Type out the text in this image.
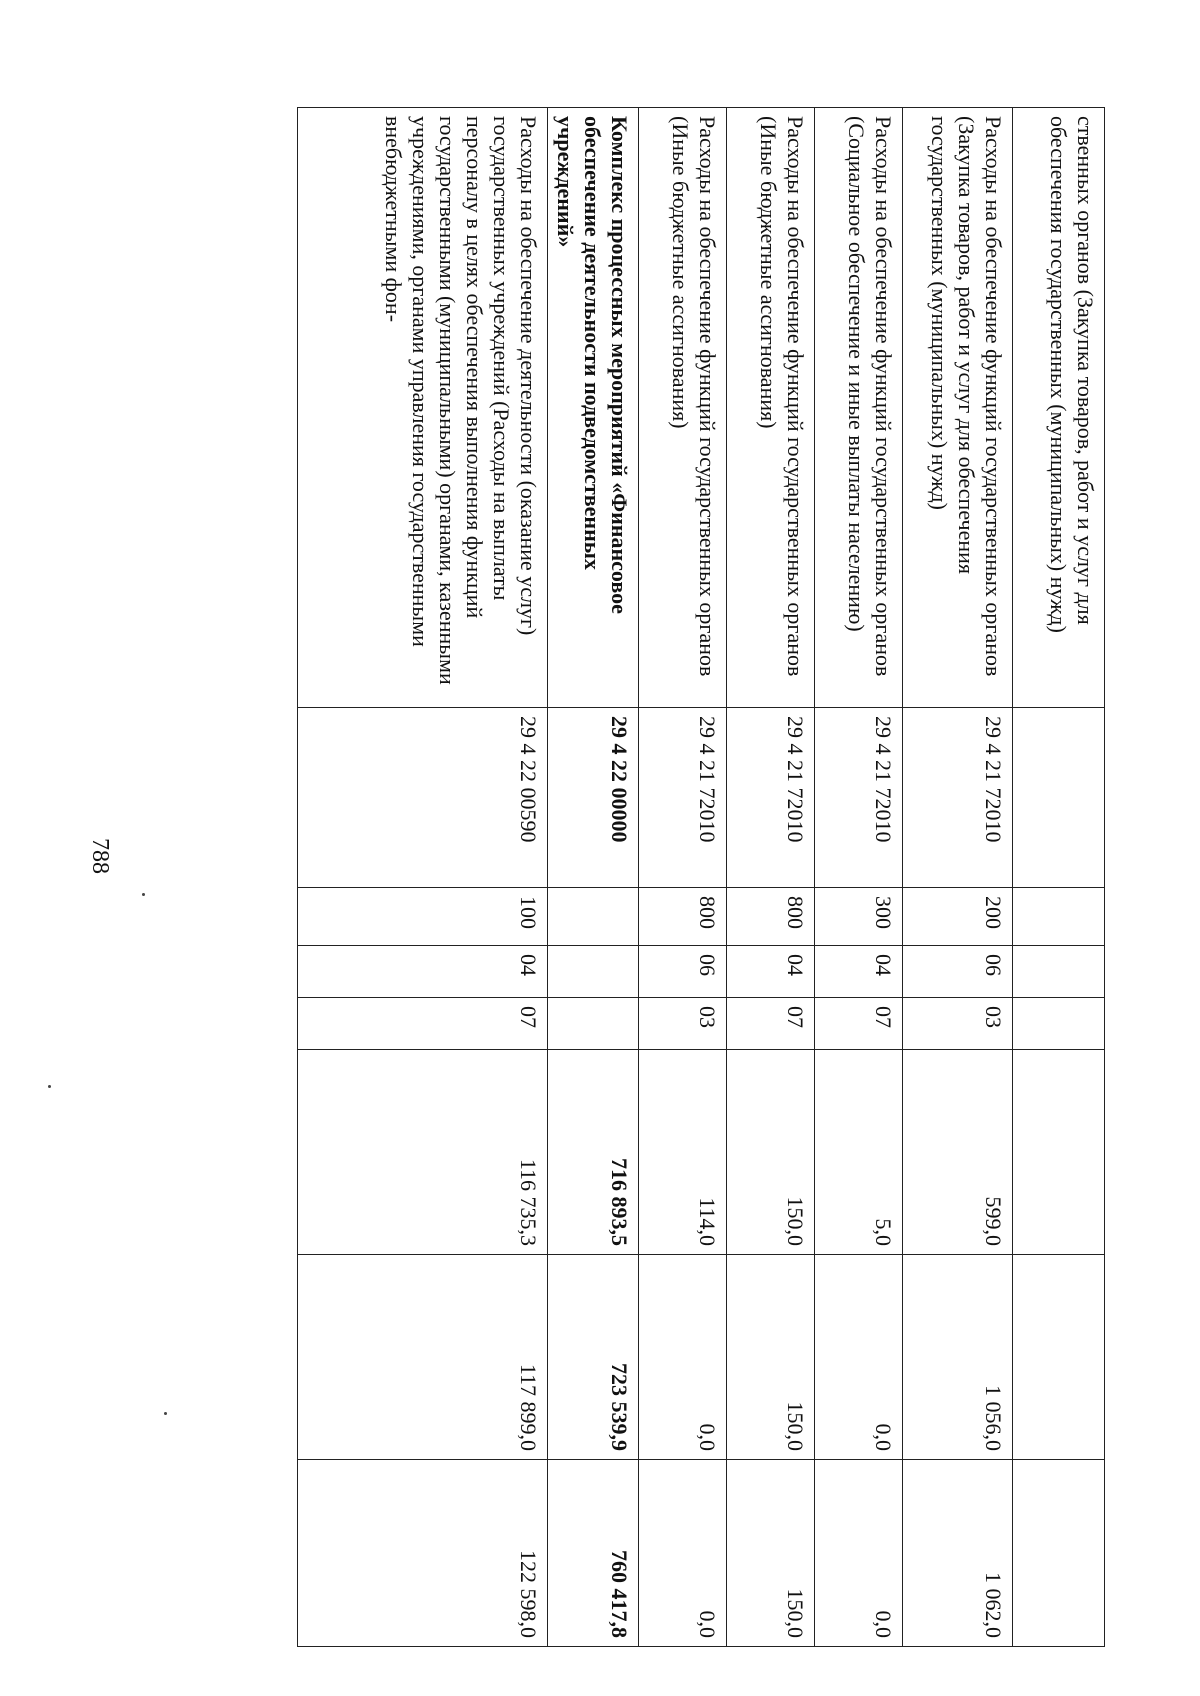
788
ственных органов (Закупка товаров, работ и услуг для обеспечения государственных (муниципальных) нужд)							
Расходы на обеспечение функций государственных органов (Закупка товаров, работ и услуг для обеспечения государственных (муниципальных) нужд)	29 4 21 72010	200	06	03	599,0	1 056,0	1 062,0
Расходы на обеспечение функций государственных органов (Социальное обеспечение и иные выплаты населению)	29 4 21 72010	300	04	07	5,0	0,0	0,0
Расходы на обеспечение функций государственных органов (Иные бюджетные ассигнования)	29 4 21 72010	800	04	07	150,0	150,0	150,0
Расходы на обеспечение функций государственных органов (Иные бюджетные ассигнования)	29 4 21 72010	800	06	03	114,0	0,0	0,0
Комплекс процессных мероприятий «Финансовое обеспечение деятельности подведомственных учреждений»	29 4 22 00000				716 893,5	723 539,9	760 417,8
Расходы на обеспечение деятельности (оказание услуг) государственных учреждений (Расходы на выплаты персоналу в целях обеспечения выполнения функций государственными (муниципальными) органами, казенными учреждениями, органами управления государственными внебюджетными фон-	29 4 22 00590	100	04	07	116 735,3	117 899,0	122 598,0
